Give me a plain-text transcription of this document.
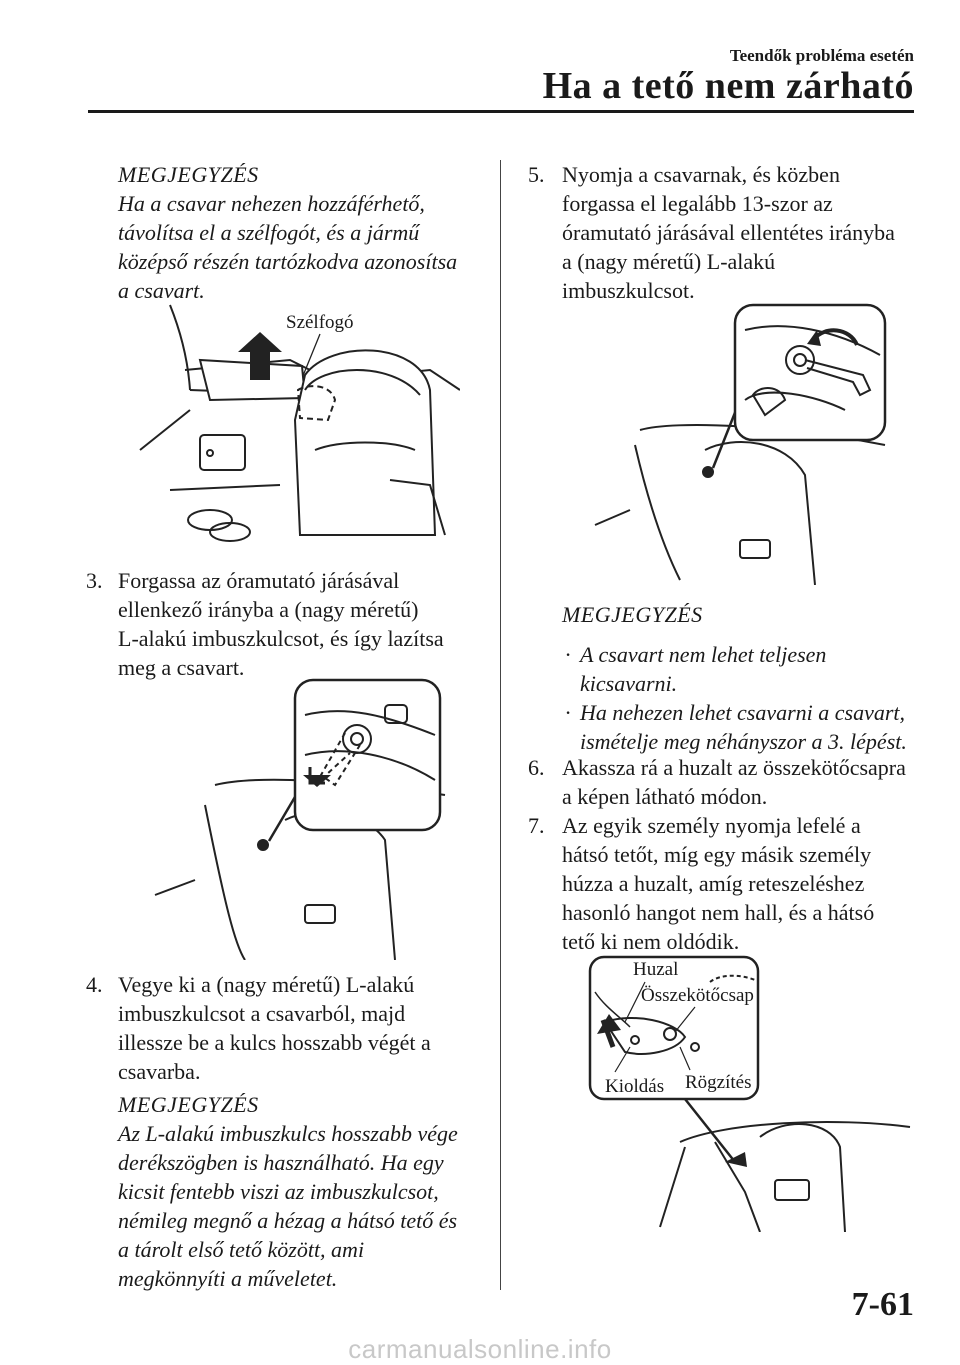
Teendők probléma esetén
Ha a tető nem zárható
MEGJEGYZÉS
Ha a csavar nehezen hozzáférhető,
távolítsa el a szélfogót, és a jármű
középső részén tartózkodva azonosítsa
a csavart.
Szélfogó
3. Forgassa az óramutató járásával
ellenkező irányba a (nagy méretű)
L-alakú imbuszkulcsot, és így lazítsa
meg a csavart.
4. Vegye ki a (nagy méretű) L-alakú
imbuszkulcsot a csavarból, majd
illessze be a kulcs hosszabb végét a
csavarba.
MEGJEGYZÉS
Az L-alakú imbuszkulcs hosszabb vége
derékszögben is használható. Ha egy
kicsit fentebb viszi az imbuszkulcsot,
némileg megnő a hézag a hátsó tető és
a tárolt első tető között, ami
megkönnyíti a műveletet.
5. Nyomja a csavarnak, és közben
forgassa el legalább 13-szor az
óramutató járásával ellentétes irányba
a (nagy méretű) L-alakú
imbuszkulcsot.
MEGJEGYZÉS
· A csavart nem lehet teljesen
kicsavarni.
· Ha nehezen lehet csavarni a csavart,
ismételje meg néhányszor a 3. lépést.
6. Akassza rá a huzalt az összekötőcsapra
a képen látható módon.
7. Az egyik személy nyomja lefelé a
hátsó tetőt, míg egy másik személy
húzza a huzalt, amíg reteszeléshez
hasonló hangot nem hall, és a hátsó
tető ki nem oldódik.
Huzal
Összekötőcsap
Kioldás Rögzítés
7-61
carmanualsonline.info
